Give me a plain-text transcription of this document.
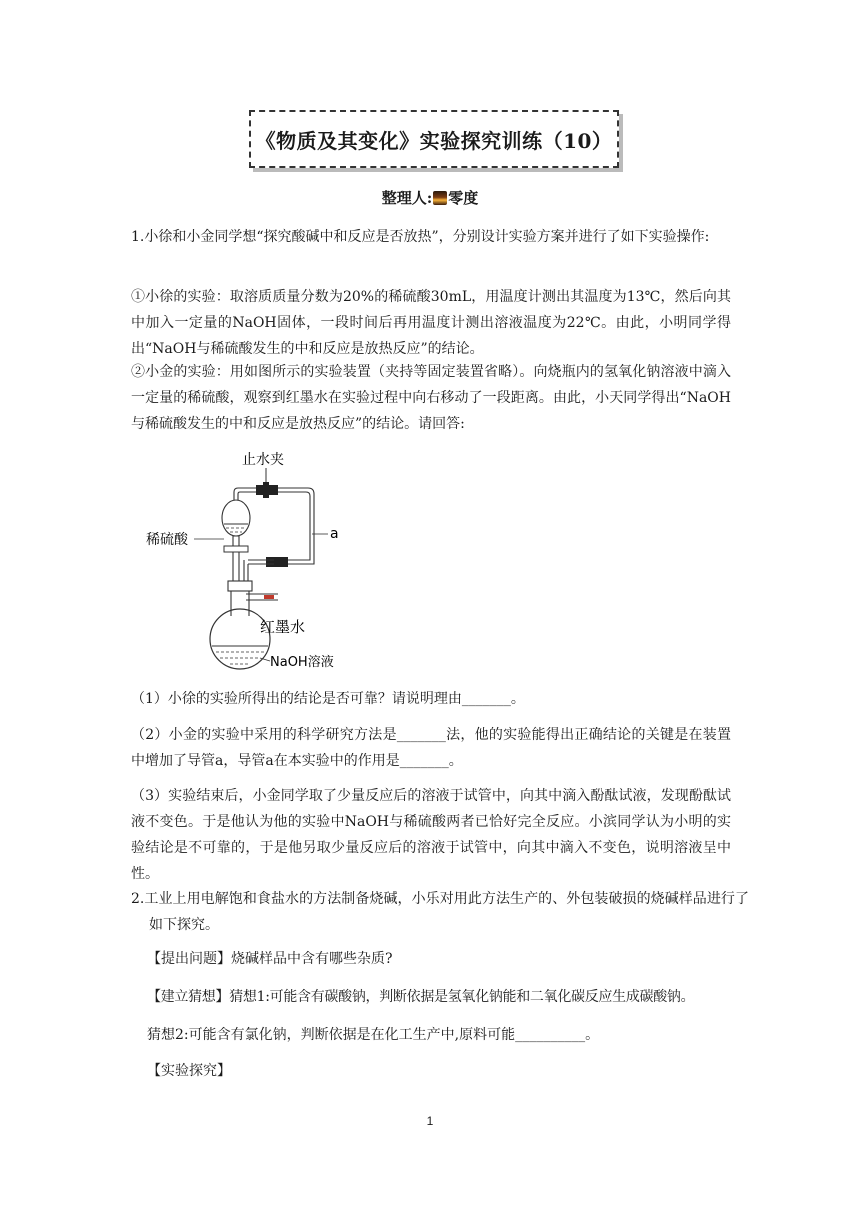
《物质及其变化》实验探究训练（10）
整理人: 零度
1.小徐和小金同学想“探究酸碱中和反应是否放热”，分别设计实验方案并进行了如下实验操作:
①小徐的实验：取溶质质量分数为20%的稀硫酸30mL，用温度计测出其温度为13℃，然后向其中加入一定量的NaOH固体，一段时间后再用温度计测出溶液温度为22℃。由此，小明同学得出“NaOH与稀硫酸发生的中和反应是放热反应”的结论。
②小金的实验：用如图所示的实验装置（夹持等固定装置省略）。向烧瓶内的氢氧化钠溶液中滴入一定量的稀硫酸，观察到红墨水在实验过程中向右移动了一段距离。由此，小天同学得出“NaOH与稀硫酸发生的中和反应是放热反应”的结论。请回答:
止水夹
稀硫酸	a
红墨水
NaOH溶液
（1）小徐的实验所得出的结论是否可靠？请说明理由_______。
（2）小金的实验中采用的科学研究方法是_______法，他的实验能得出正确结论的关键是在装置中增加了导管a，导管a在本实验中的作用是_______。
（3）实验结束后，小金同学取了少量反应后的溶液于试管中，向其中滴入酚酞试液，发现酚酞试液不变色。于是他认为他的实验中NaOH与稀硫酸两者已恰好完全反应。小滨同学认为小明的实验结论是不可靠的，于是他另取少量反应后的溶液于试管中，向其中滴入不变色，说明溶液呈中性。
2.工业上用电解饱和食盐水的方法制备烧碱，小乐对用此方法生产的、外包装破损的烧碱样品进行了如下探究。
【提出问题】烧碱样品中含有哪些杂质?
【建立猜想】猜想1:可能含有碳酸钠，判断依据是氢氧化钠能和二氧化碳反应生成碳酸钠。
猜想2:可能含有氯化钠，判断依据是在化工生产中,原料可能__________。
【实验探究】
1
